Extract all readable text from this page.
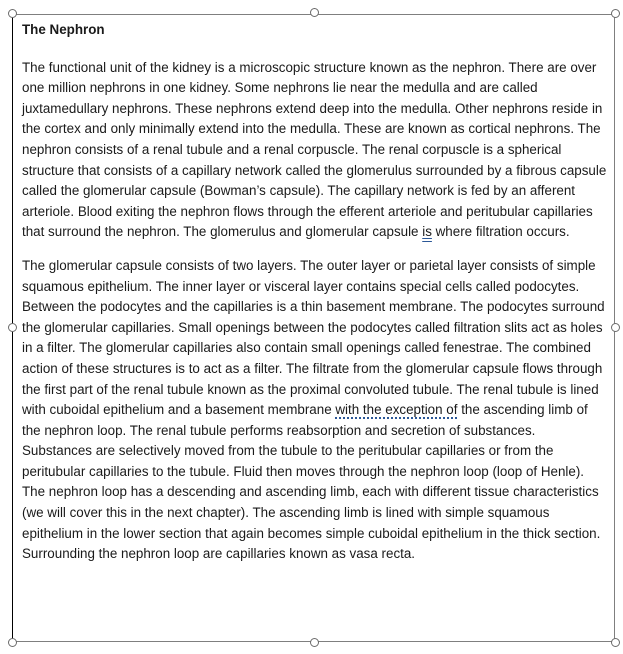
The Nephron

The functional unit of the kidney is a microscopic structure known as the nephron. There are over one million nephrons in one kidney. Some nephrons lie near the medulla and are called juxtamedullary nephrons. These nephrons extend deep into the medulla. Other nephrons reside in the cortex and only minimally extend into the medulla. These are known as cortical nephrons. The nephron consists of a renal tubule and a renal corpuscle. The renal corpuscle is a spherical structure that consists of a capillary network called the glomerulus surrounded by a fibrous capsule called the glomerular capsule (Bowman’s capsule). The capillary network is fed by an afferent arteriole. Blood exiting the nephron flows through the efferent arteriole and peritubular capillaries that surround the nephron. The glomerulus and glomerular capsule is where filtration occurs.

The glomerular capsule consists of two layers. The outer layer or parietal layer consists of simple squamous epithelium. The inner layer or visceral layer contains special cells called podocytes. Between the podocytes and the capillaries is a thin basement membrane. The podocytes surround the glomerular capillaries. Small openings between the podocytes called filtration slits act as holes in a filter. The glomerular capillaries also contain small openings called fenestrae. The combined action of these structures is to act as a filter. The filtrate from the glomerular capsule flows through the first part of the renal tubule known as the proximal convoluted tubule. The renal tubule is lined with cuboidal epithelium and a basement membrane with the exception of the ascending limb of the nephron loop. The renal tubule performs reabsorption and secretion of substances. Substances are selectively moved from the tubule to the peritubular capillaries or from the peritubular capillaries to the tubule. Fluid then moves through the nephron loop (loop of Henle). The nephron loop has a descending and ascending limb, each with different tissue characteristics (we will cover this in the next chapter). The ascending limb is lined with simple squamous epithelium in the lower section that again becomes simple cuboidal epithelium in the thick section. Surrounding the nephron loop are capillaries known as vasa recta.
